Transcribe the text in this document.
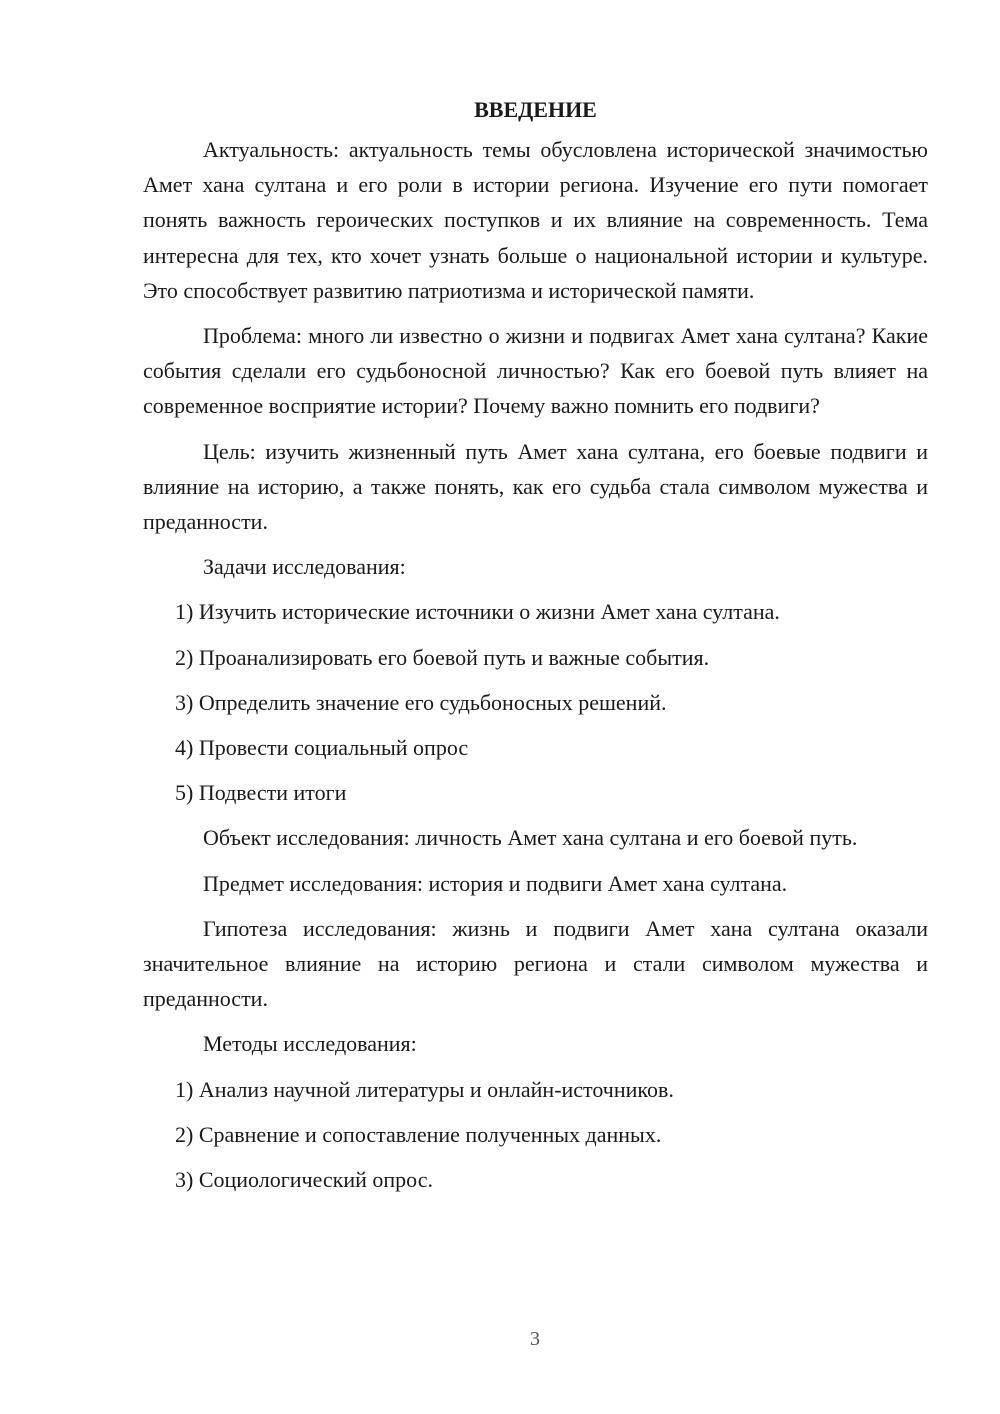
ВВЕДЕНИЕ

Актуальность: актуальность темы обусловлена исторической значимостью Амет хана султана и его роли в истории региона. Изучение его пути помогает понять важность героических поступков и их влияние на современность. Тема интересна для тех, кто хочет узнать больше о национальной истории и культуре. Это способствует развитию патриотизма и исторической памяти.

Проблема: много ли известно о жизни и подвигах Амет хана султана? Какие события сделали его судьбоносной личностью? Как его боевой путь влияет на современное восприятие истории? Почему важно помнить его подвиги?

Цель: изучить жизненный путь Амет хана султана, его боевые подвиги и влияние на историю, а также понять, как его судьба стала символом мужества и преданности.

Задачи исследования:

1) Изучить исторические источники о жизни Амет хана султана.
2) Проанализировать его боевой путь и важные события.
3) Определить значение его судьбоносных решений.
4) Провести социальный опрос
5) Подвести итоги

Объект исследования: личность Амет хана султана и его боевой путь.

Предмет исследования: история и подвиги Амет хана султана.

Гипотеза исследования: жизнь и подвиги Амет хана султана оказали значительное влияние на историю региона и стали символом мужества и преданности.

Методы исследования:

1) Анализ научной литературы и онлайн-источников.
2) Сравнение и сопоставление полученных данных.
3) Социологический опрос.
3
